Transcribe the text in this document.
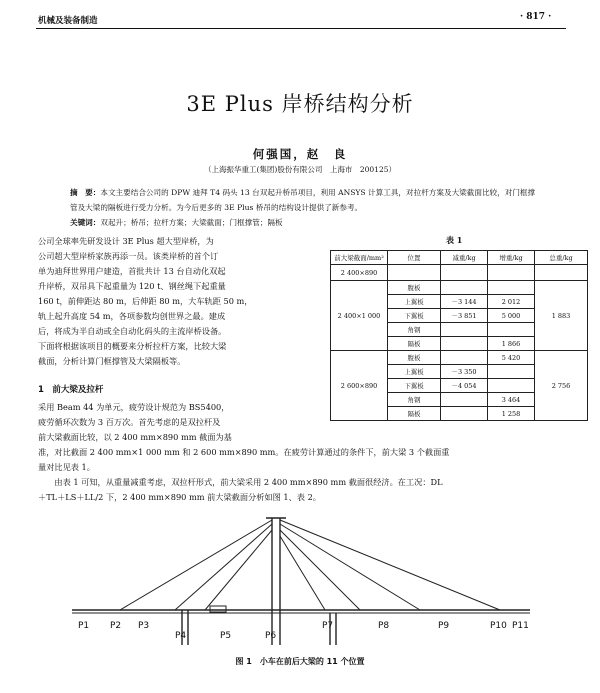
机械及装备制造	· 817 ·
3E Plus 岸桥结构分析
何强国，赵　良
（上海振华重工(集团)股份有限公司　上海市　200125）
摘　要：本文主要结合公司的 DPW 迪拜 T4 码头 13 台双起升桥吊项目，利用 ANSYS 计算工具，对拉杆方案及大梁截面比较，对门框撑管及大梁的隔板进行受力分析。为今后更多的 3E Plus 桥吊的结构设计提供了新参考。
关键词：双起升；桥吊；拉杆方案；大梁截面；门框撑管；隔板
公司全球率先研发设计 3E Plus 超大型岸桥，为
公司超大型岸桥家族再添一员。该类岸桥的首个订
单为迪拜世界用户建造，首批共计 13 台自动化双起
升岸桥，双吊具下起重量为 120 t、钢丝绳下起重量
160 t，前伸距达 80 m，后伸距 80 m，大车轨距 50 m，
轨上起升高度 54 m，各项参数均创世界之最。建成
后，将成为半自动或全自动化码头的主流岸桥设备。
下面将根据该项目的概要来分析拉杆方案，比较大梁
截面，分析计算门框撑管及大梁隔板等。
1　前大梁及拉杆
采用 Beam 44 为单元，疲劳设计规范为 BS5400，
疲劳循环次数为 3 百万次。首先考虑的是双拉杆及
前大梁截面比较，以 2 400 mm×890 mm 截面为基
准，对比截面 2 400 mm×1 000 mm 和 2 600 mm×890 mm。在疲劳计算通过的条件下，前大梁 3 个截面重
量对比见表 1。
　　由表 1 可知，从重量减重考虑，双拉杆形式，前大梁采用 2 400 mm×890 mm 截面很经济。在工况：DL
＋TL＋LS＋LL/2 下，2 400 mm×890 mm 前大梁截面分析如图 1、表 2。
表 1
前大梁截面/mm²	位置	减重/kg	增重/kg	总重/kg
2 400×890				
2 400×1 000	腹板			1 883
	上翼板	－3 144	2 012	
	下翼板	－3 851	5 000	
	角钢			
	隔板		1 866	
2 600×890	腹板		5 420	2 756
	上翼板	－3 350		
	下翼板	－4 054		
	角钢		3 464	
	隔板		1 258	
P1 P2 P3
P4	P5	P6
P7	P8	P9	P10 P11
图 1　小车在前后大梁的 11 个位置
